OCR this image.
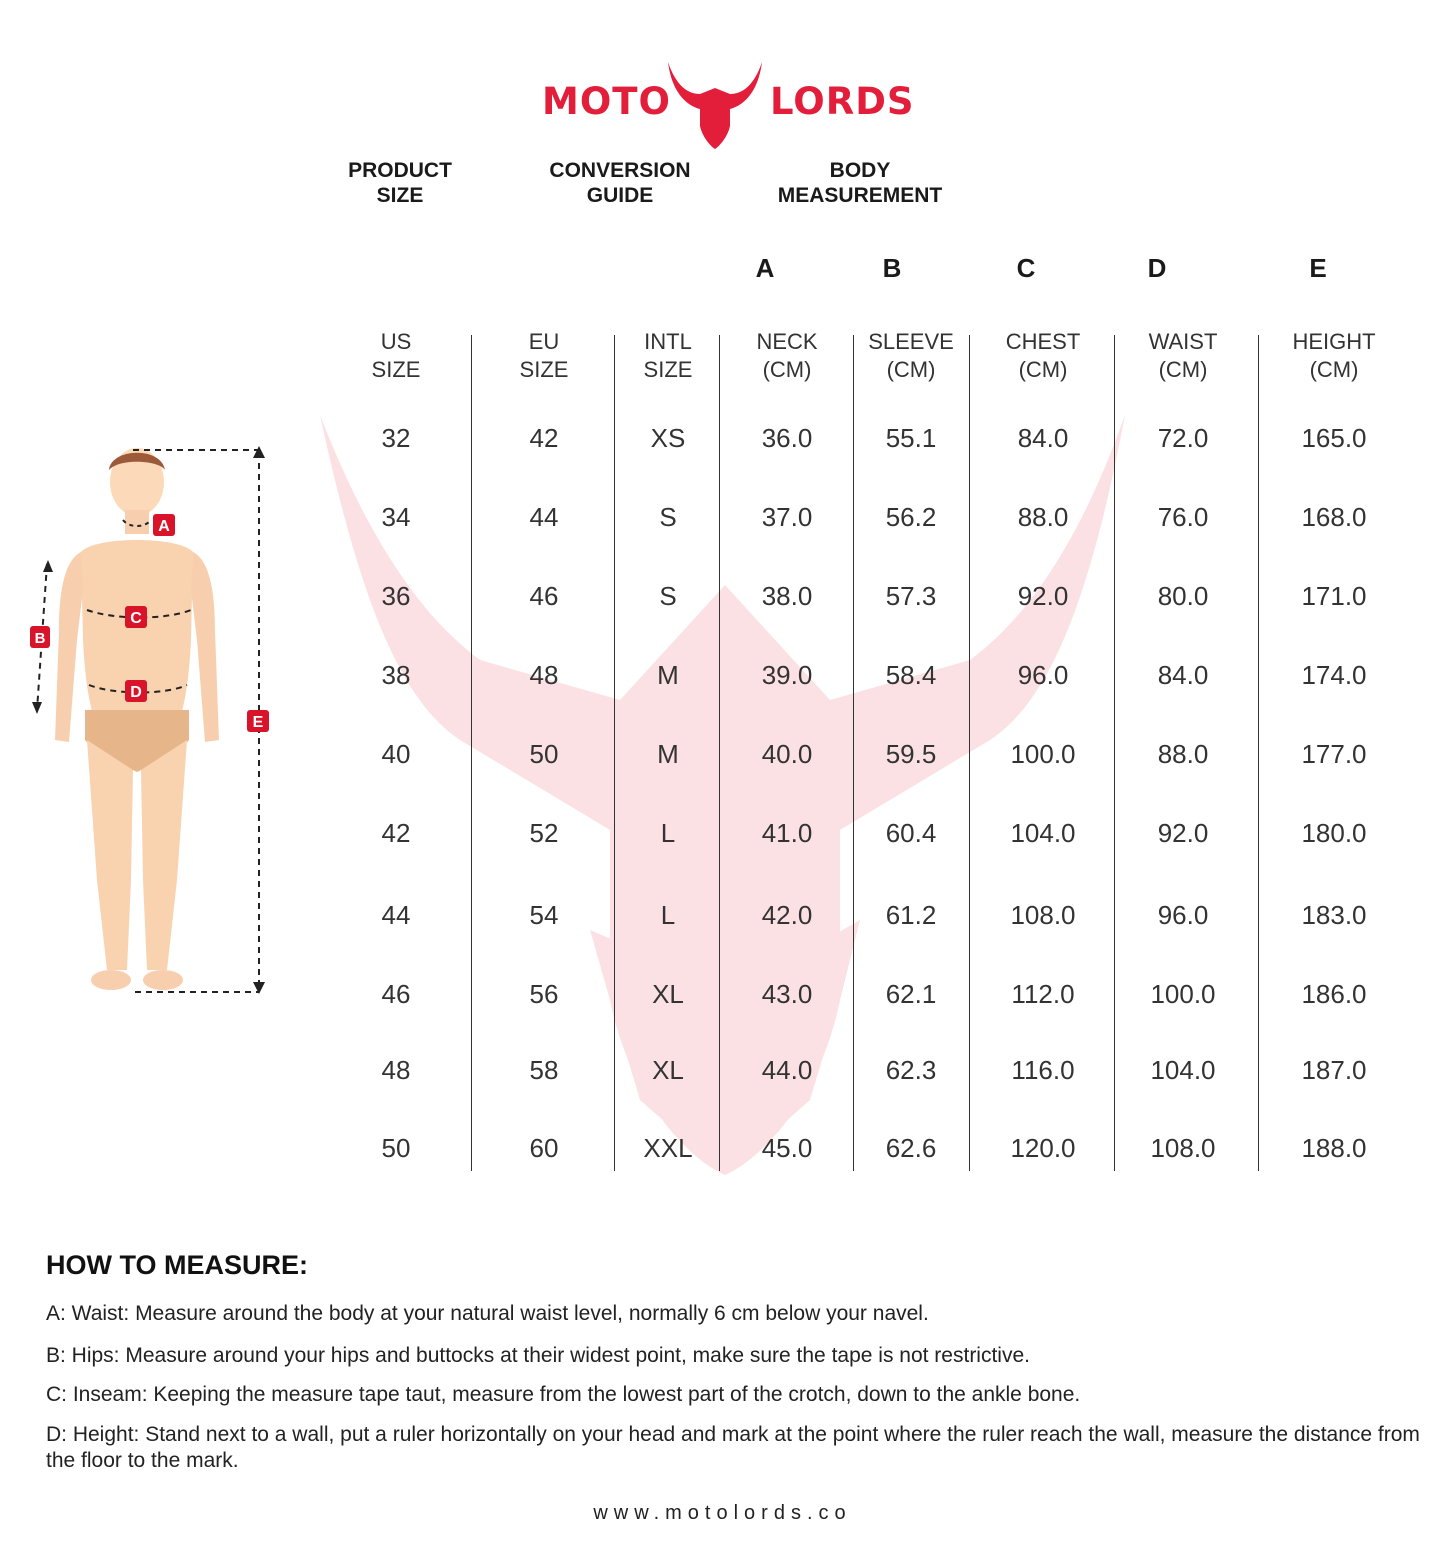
MOTO	LORDS
PRODUCT
SIZE
CONVERSION
GUIDE
BODY
MEASUREMENT
A	B	C	D	E
US
SIZE
EU
SIZE
INTL
SIZE
NECK
(CM)
SLEEVE
(CM)
CHEST
(CM)
WAIST
(CM)
HEIGHT
(CM)
32	42	XS	36.0	55.1	84.0	72.0	165.0
34	44	S	37.0	56.2	88.0	76.0	168.0
36	46	S	38.0	57.3	92.0	80.0	171.0
38	48	M	39.0	58.4	96.0	84.0	174.0
40	50	M	40.0	59.5	100.0	88.0	177.0
42	52	L	41.0	60.4	104.0	92.0	180.0
44	54	L	42.0	61.2	108.0	96.0	183.0
46	56	XL	43.0	62.1	112.0	100.0	186.0
48	58	XL	44.0	62.3	116.0	104.0	187.0
50	60	XXL	45.0	62.6	120.0	108.0	188.0
A
B
C
D
E
HOW TO MEASURE:
A: Waist: Measure around the body at your natural waist level, normally 6 cm below your navel.
B: Hips: Measure around your hips and buttocks at their widest point, make sure the tape is not restrictive.
C: Inseam: Keeping the measure tape taut, measure from the lowest part of the crotch, down to the ankle bone.
D: Height: Stand next to a wall, put a ruler horizontally on your head and mark at the point where the ruler reach the wall, measure the distance from the floor to the mark.
www.motolords.co
